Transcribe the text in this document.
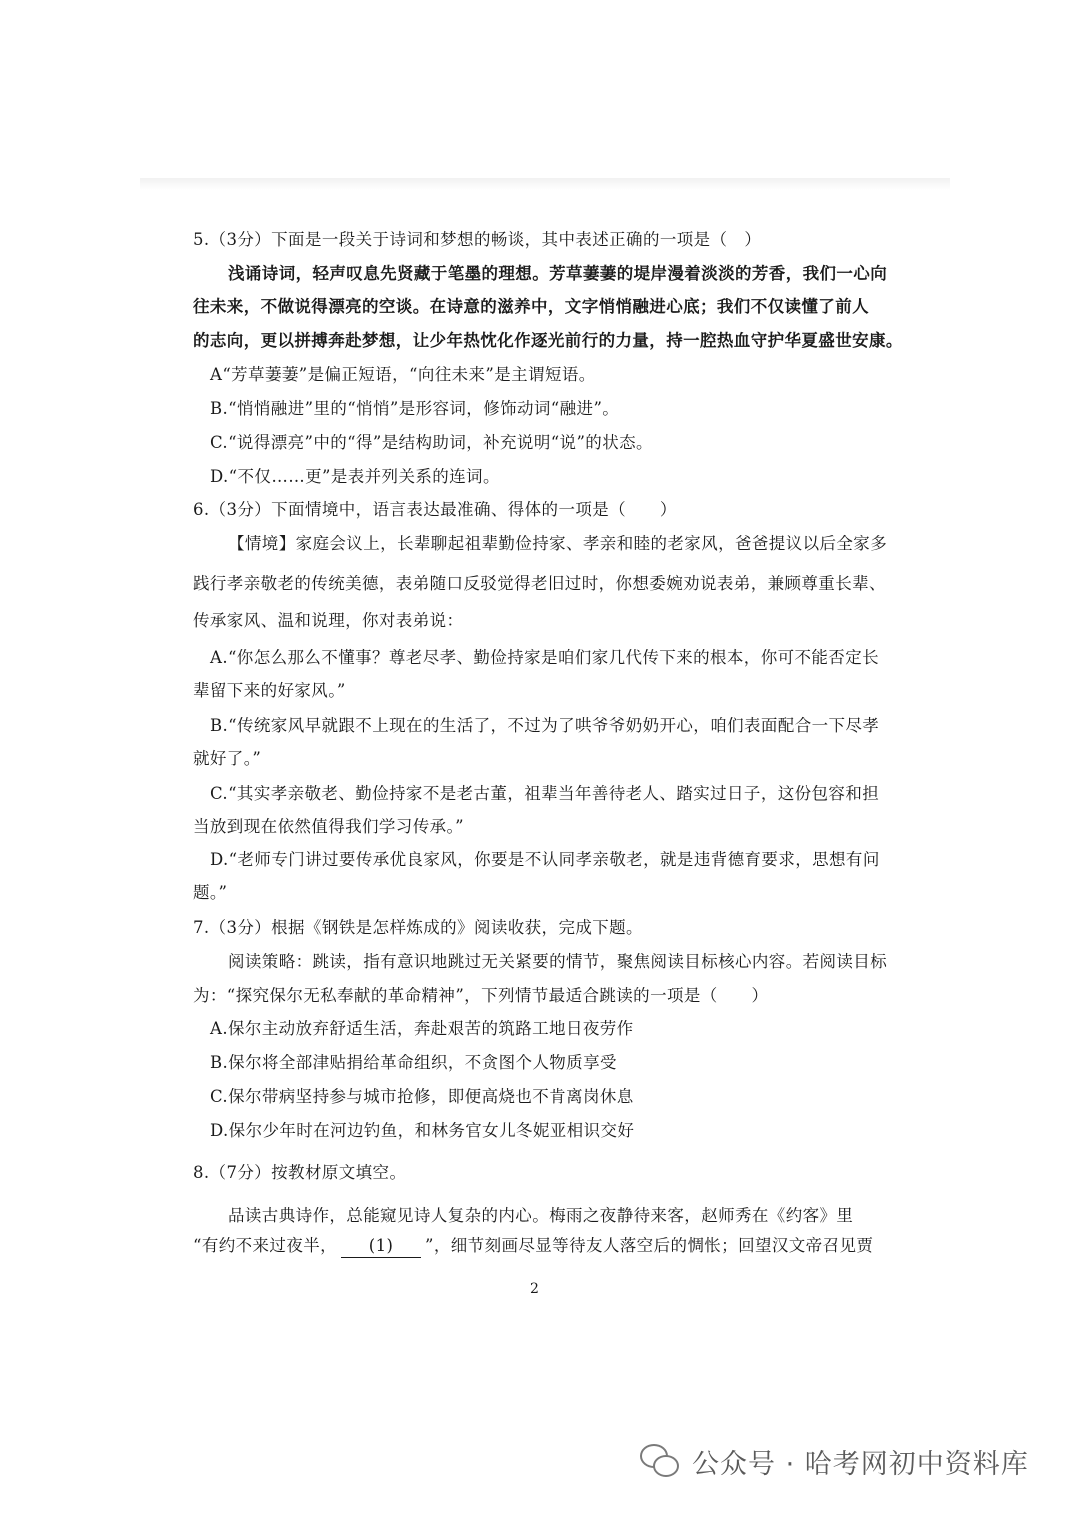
5.（3分）下面是一段关于诗词和梦想的畅谈，其中表述正确的一项是（　）
浅诵诗词，轻声叹息先贤藏于笔墨的理想。芳草萋萋的堤岸漫着淡淡的芳香，我们一心向
往未来，不做说得漂亮的空谈。在诗意的滋养中，文字悄悄融进心底；我们不仅读懂了前人
的志向，更以拼搏奔赴梦想，让少年热忱化作逐光前行的力量，持一腔热血守护华夏盛世安康。
A“芳草萋萋”是偏正短语，“向往未来”是主谓短语。
B.“悄悄融进”里的“悄悄”是形容词，修饰动词“融进”。
C.“说得漂亮”中的“得”是结构助词，补充说明“说”的状态。
D.“不仅……更”是表并列关系的连词。
6.（3分）下面情境中，语言表达最准确、得体的一项是（　　）
【情境】家庭会议上，长辈聊起祖辈勤俭持家、孝亲和睦的老家风，爸爸提议以后全家多
践行孝亲敬老的传统美德，表弟随口反驳觉得老旧过时，你想委婉劝说表弟，兼顾尊重长辈、
传承家风、温和说理，你对表弟说：
A.“你怎么那么不懂事？尊老尽孝、勤俭持家是咱们家几代传下来的根本，你可不能否定长
辈留下来的好家风。”
B.“传统家风早就跟不上现在的生活了，不过为了哄爷爷奶奶开心，咱们表面配合一下尽孝
就好了。”
C.“其实孝亲敬老、勤俭持家不是老古董，祖辈当年善待老人、踏实过日子，这份包容和担
当放到现在依然值得我们学习传承。”
D.“老师专门讲过要传承优良家风，你要是不认同孝亲敬老，就是违背德育要求，思想有问
题。”
7.（3分）根据《钢铁是怎样炼成的》阅读收获，完成下题。
阅读策略：跳读，指有意识地跳过无关紧要的情节，聚焦阅读目标核心内容。若阅读目标
为：“探究保尔无私奉献的革命精神”，下列情节最适合跳读的一项是（　　）
A.保尔主动放弃舒适生活，奔赴艰苦的筑路工地日夜劳作
B.保尔将全部津贴捐给革命组织，不贪图个人物质享受
C.保尔带病坚持参与城市抢修，即便高烧也不肯离岗休息
D.保尔少年时在河边钓鱼，和林务官女儿冬妮亚相识交好
8.（7分）按教材原文填空。
品读古典诗作，总能窥见诗人复杂的内心。梅雨之夜静待来客，赵师秀在《约客》里
“有约不来过夜半， (1) ”，细节刻画尽显等待友人落空后的惆怅；回望汉文帝召见贾
2
公众号 · 哈考网初中资料库
